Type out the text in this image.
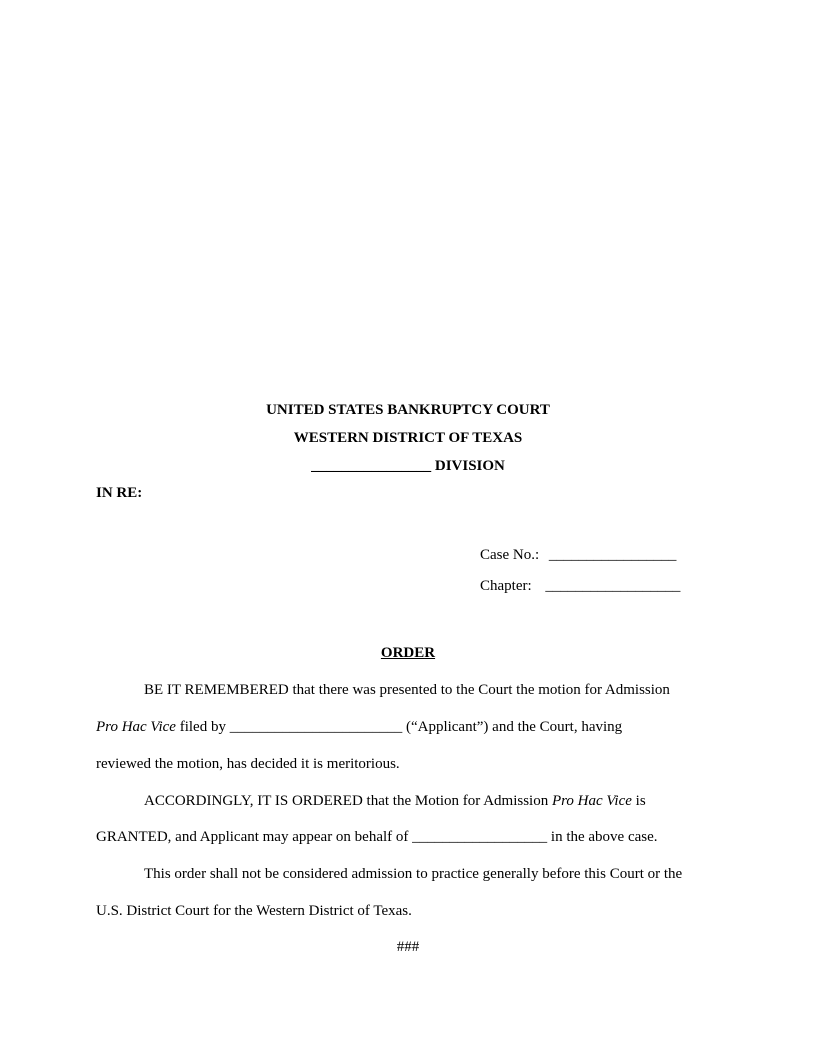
UNITED STATES BANKRUPTCY COURT
WESTERN DISTRICT OF TEXAS
________________ DIVISION
IN RE:
Case No.: _________________
Chapter: __________________
ORDER
BE IT REMEMBERED that there was presented to the Court the motion for Admission
Pro Hac Vice filed by _______________________ (“Applicant”) and the Court, having
reviewed the motion, has decided it is meritorious.
ACCORDINGLY, IT IS ORDERED that the Motion for Admission Pro Hac Vice is
GRANTED, and Applicant may appear on behalf of __________________ in the above case.
This order shall not be considered admission to practice generally before this Court or the
U.S. District Court for the Western District of Texas.
###
